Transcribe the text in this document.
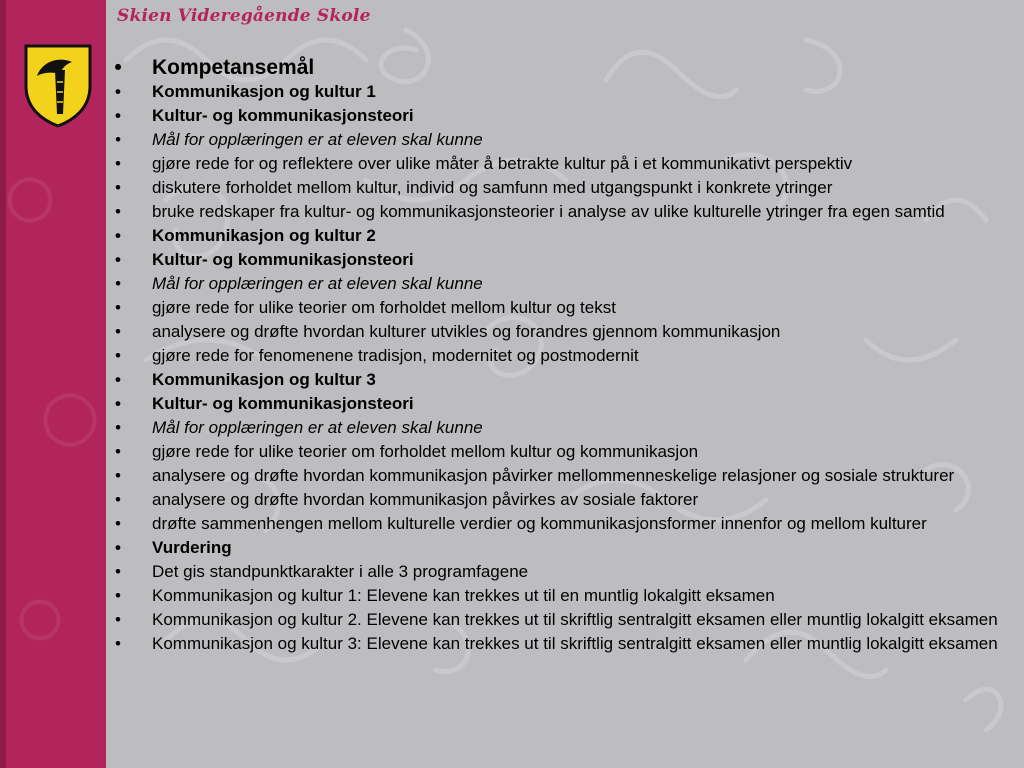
Skien Videregående Skole
• Kompetansemål
• Kommunikasjon og kultur 1
• Kultur- og kommunikasjonsteori
• Mål for opplæringen er at eleven skal kunne
• gjøre rede for og reflektere over ulike måter å betrakte kultur på i et kommunikativt perspektiv
• diskutere forholdet mellom kultur, individ og samfunn med utgangspunkt i konkrete ytringer
• bruke redskaper fra kultur- og kommunikasjonsteorier i analyse av ulike kulturelle ytringer fra egen samtid
• Kommunikasjon og kultur 2
• Kultur- og kommunikasjonsteori
• Mål for opplæringen er at eleven skal kunne
• gjøre rede for ulike teorier om forholdet mellom kultur og tekst
• analysere og drøfte hvordan kulturer utvikles og forandres gjennom kommunikasjon
• gjøre rede for fenomenene tradisjon, modernitet og postmodernit
• Kommunikasjon og kultur 3
• Kultur- og kommunikasjonsteori
• Mål for opplæringen er at eleven skal kunne
• gjøre rede for ulike teorier om forholdet mellom kultur og kommunikasjon
• analysere og drøfte hvordan kommunikasjon påvirker mellommenneskelige relasjoner og sosiale strukturer
• analysere og drøfte hvordan kommunikasjon påvirkes av sosiale faktorer
• drøfte sammenhengen mellom kulturelle verdier og kommunikasjonsformer innenfor og mellom kulturer
• Vurdering
• Det gis standpunktkarakter i alle 3 programfagene
• Kommunikasjon og kultur 1: Elevene kan trekkes ut til en muntlig lokalgitt eksamen
• Kommunikasjon og kultur 2. Elevene kan trekkes ut til skriftlig sentralgitt eksamen eller muntlig lokalgitt eksamen
• Kommunikasjon og kultur 3: Elevene kan trekkes ut til skriftlig sentralgitt eksamen eller muntlig lokalgitt eksamen
